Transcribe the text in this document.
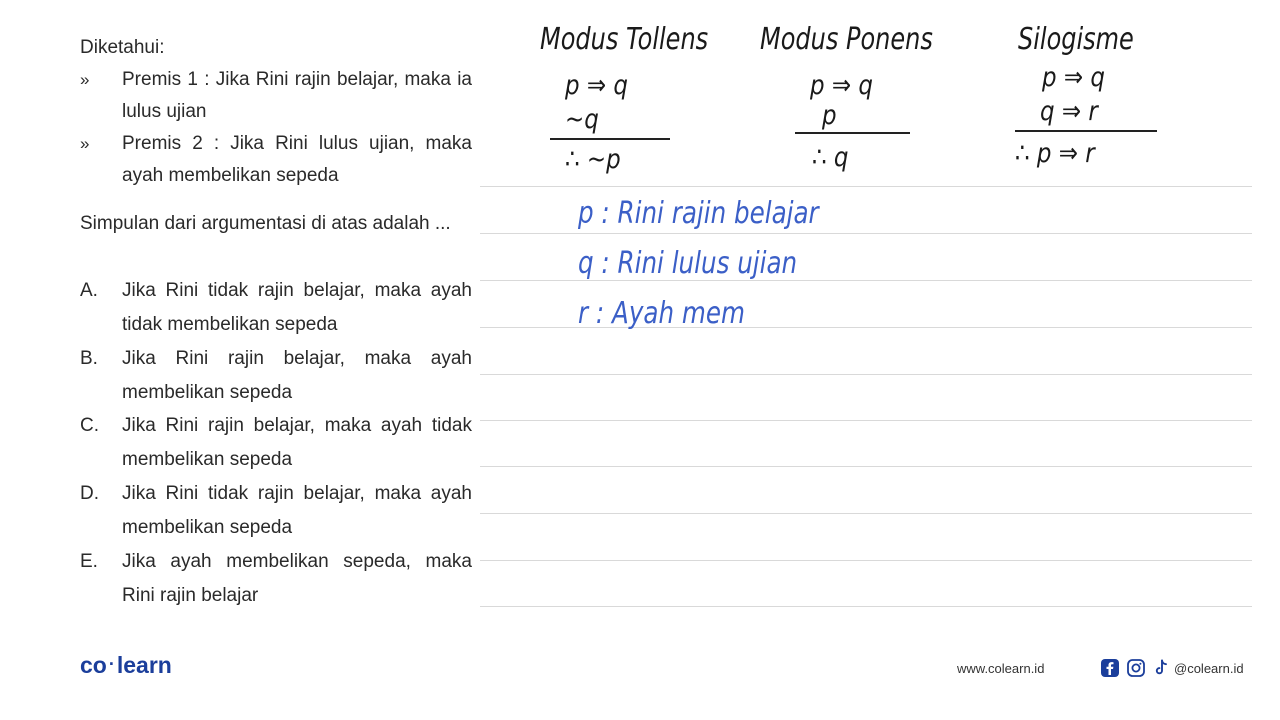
Diketahui:
» Premis 1 : Jika Rini rajin belajar, maka ia lulus ujian
» Premis 2 : Jika Rini lulus ujian, maka ayah membelikan sepeda
Simpulan dari argumentasi di atas adalah ...
A. Jika Rini tidak rajin belajar, maka ayah tidak membelikan sepeda
B. Jika Rini rajin belajar, maka ayah membelikan sepeda
C. Jika Rini rajin belajar, maka ayah tidak membelikan sepeda
D. Jika Rini tidak rajin belajar, maka ayah membelikan sepeda
E. Jika ayah membelikan sepeda, maka Rini rajin belajar
Modus Tollens
p ⇒ q
~q
∴ ~p
Modus Ponens
p ⇒ q
p
∴ q
Silogisme
p ⇒ q
q ⇒ r
∴ p ⇒ r
p : Rini rajin belajar
q : Rini lulus ujian
r : Ayah mem
co ·learn	www.colearn.id	@colearn.id
